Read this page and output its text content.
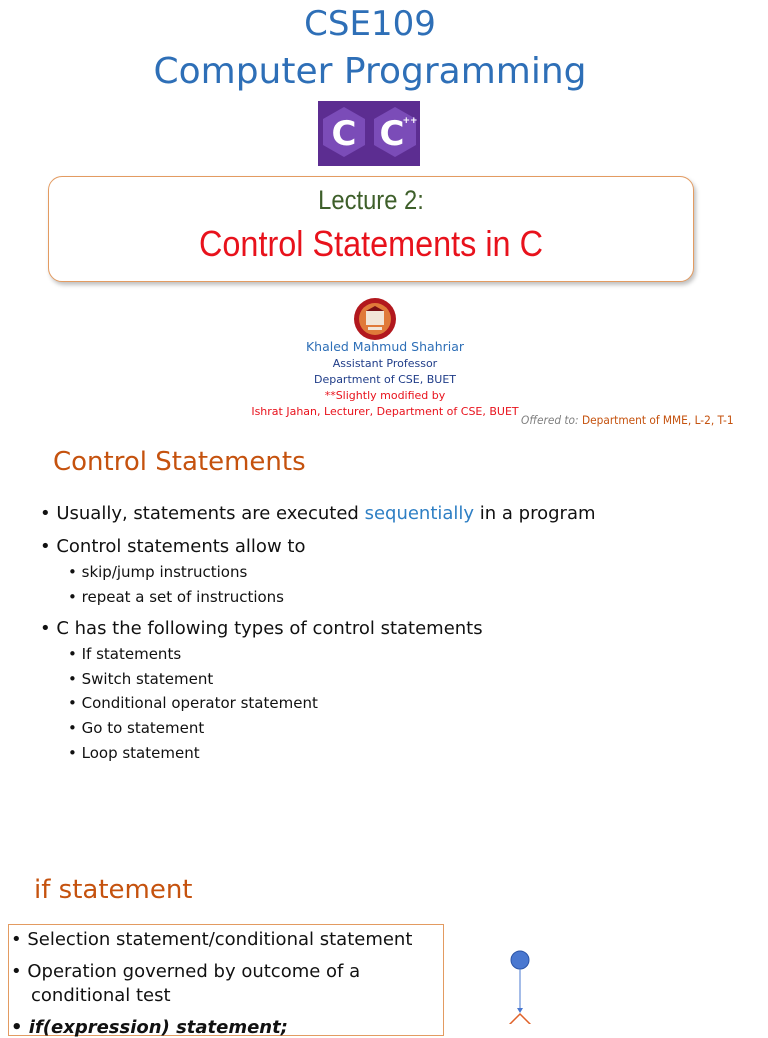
CSE109
Computer Programming
C C
++
Lecture 2:
Control Statements in C
Khaled Mahmud Shahriar
Assistant Professor
Department of CSE, BUET
**Slightly modified by
Ishrat Jahan, Lecturer, Department of CSE, BUET
Offered to: Department of MME, L-2, T-1
Control Statements
• Usually, statements are executed sequentially in a program
• Control statements allow to
• skip/jump instructions
• repeat a set of instructions
• C has the following types of control statements
• If statements
• Switch statement
• Conditional operator statement
• Go to statement
• Loop statement
if statement
• Selection statement/conditional statement
• Operation governed by outcome of a
conditional test
• if(expression) statement;
